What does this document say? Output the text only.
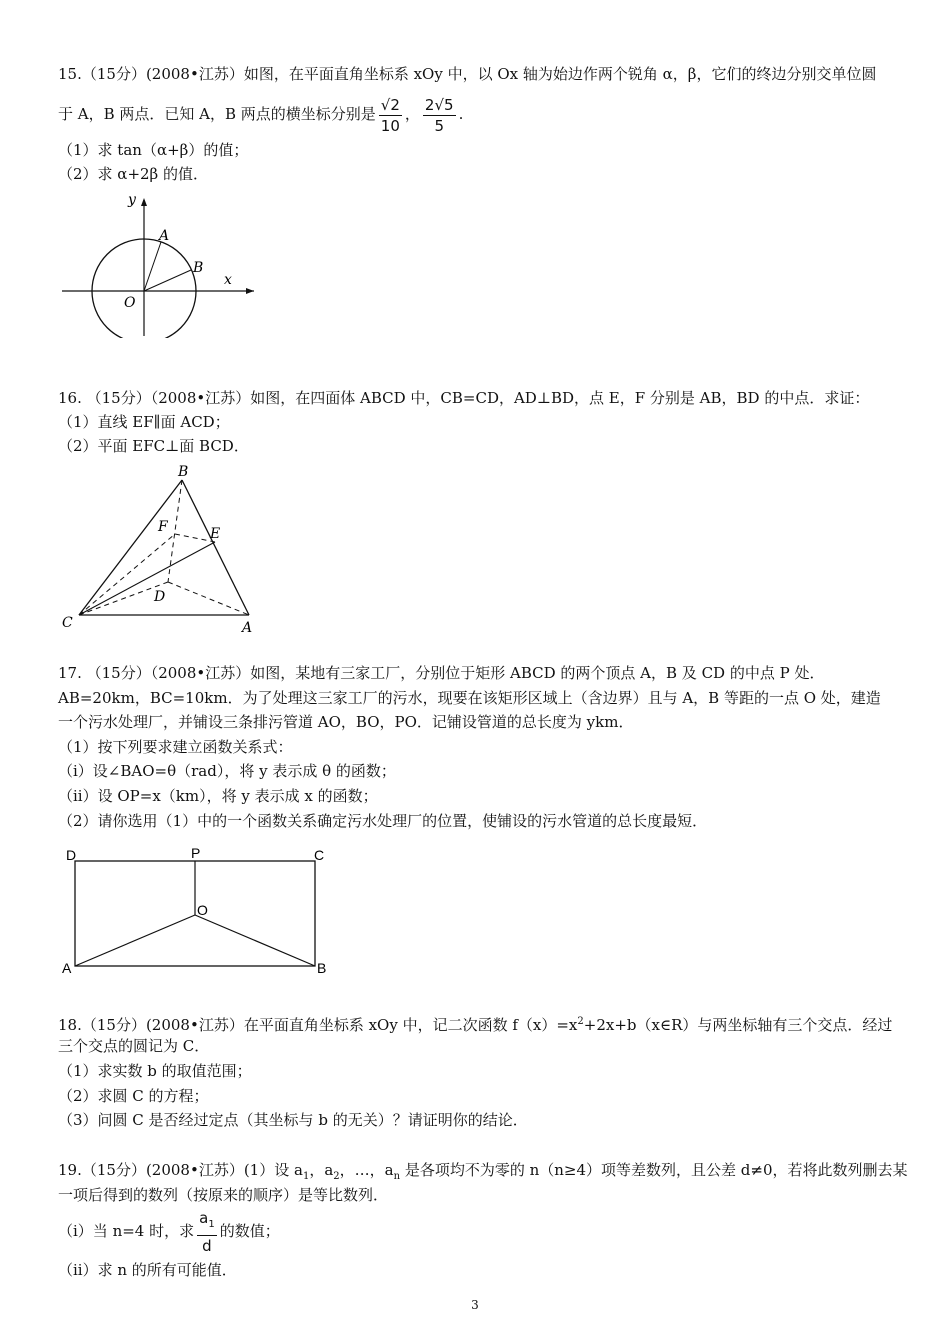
15.（15分）(2008•江苏）如图，在平面直角坐标系 xOy 中，以 Ox 轴为始边作两个锐角 α，β，它们的终边分别交单位圆
于 A，B 两点．已知 A，B 两点的横坐标分别是 $\frac{√2}{10}$ ， $\frac{2√5}{5}$ .
（1）求 tan（α+β）的值；
（2）求 α+2β 的值．
y
x
O
A
B
16. （15分）（2008•江苏）如图，在四面体 ABCD 中，CB=CD，AD⊥BD，点 E，F 分别是 AB，BD 的中点．求证：
（1）直线 EF∥面 ACD；
（2）平面 EFC⊥面 BCD．
B
F	E
D
C	A
17. （15分）（2008•江苏）如图，某地有三家工厂，分别位于矩形 ABCD 的两个顶点 A，B 及 CD 的中点 P 处．
AB=20km，BC=10km．为了处理这三家工厂的污水，现要在该矩形区域上（含边界）且与 A，B 等距的一点 O 处，建造
一个污水处理厂，并铺设三条排污管道 AO，BO，PO．记铺设管道的总长度为 ykm．
（1）按下列要求建立函数关系式：
（i）设∠BAO=θ（rad），将 y 表示成 θ 的函数；
（ii）设 OP=x（km），将 y 表示成 x 的函数；
（2）请你选用（1）中的一个函数关系确定污水处理厂的位置，使铺设的污水管道的总长度最短．
D	P	C
O
A	B
18.（15分）(2008•江苏）在平面直角坐标系 xOy 中，记二次函数 $f(x)=x^2+2x+b(x\in R)$与两坐标轴有三个交点．经过
三个交点的圆记为 C．
（1）求实数 b 的取值范围；
（2）求圆 C 的方程；
（3）问圆 C 是否经过定点（其坐标与 b 的无关）？请证明你的结论．
19.（15分）(2008•江苏）(1）设 $a_1$，$a_2$，…，$a_n$ 是各项均不为零的 n（n≥4）项等差数列，且公差 d≠0，若将此数列删去某
一项后得到的数列（按原来的顺序）是等比数列．
（i）当 n=4 时，求 $\frac{a_1}{d}$ 的数值；
（ii）求 n 的所有可能值．
3
